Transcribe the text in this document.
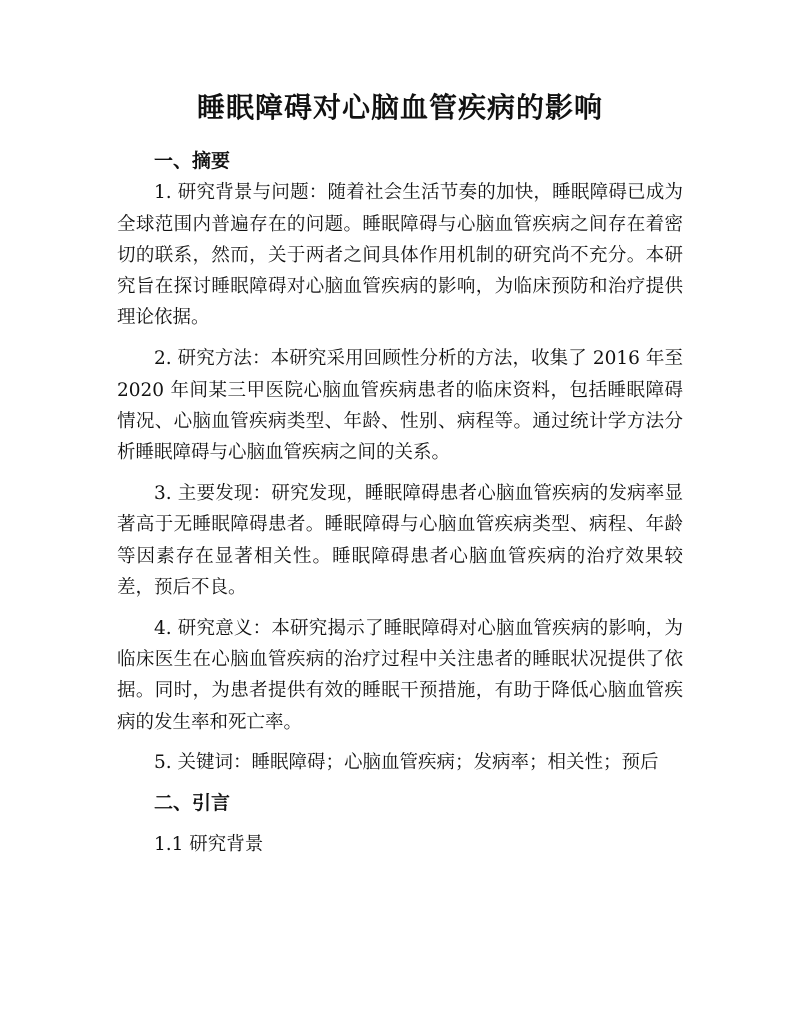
睡眠障碍对心脑血管疾病的影响
一、摘要
1. 研究背景与问题：随着社会生活节奏的加快，睡眠障碍已成为全球范围内普遍存在的问题。睡眠障碍与心脑血管疾病之间存在着密切的联系，然而，关于两者之间具体作用机制的研究尚不充分。本研究旨在探讨睡眠障碍对心脑血管疾病的影响，为临床预防和治疗提供理论依据。
2. 研究方法：本研究采用回顾性分析的方法，收集了 2016 年至 2020 年间某三甲医院心脑血管疾病患者的临床资料，包括睡眠障碍情况、心脑血管疾病类型、年龄、性别、病程等。通过统计学方法分析睡眠障碍与心脑血管疾病之间的关系。
3. 主要发现：研究发现，睡眠障碍患者心脑血管疾病的发病率显著高于无睡眠障碍患者。睡眠障碍与心脑血管疾病类型、病程、年龄等因素存在显著相关性。睡眠障碍患者心脑血管疾病的治疗效果较差，预后不良。
4. 研究意义：本研究揭示了睡眠障碍对心脑血管疾病的影响，为临床医生在心脑血管疾病的治疗过程中关注患者的睡眠状况提供了依据。同时，为患者提供有效的睡眠干预措施，有助于降低心脑血管疾病的发生率和死亡率。
5. 关键词：睡眠障碍；心脑血管疾病；发病率；相关性；预后
二、引言
1.1 研究背景
